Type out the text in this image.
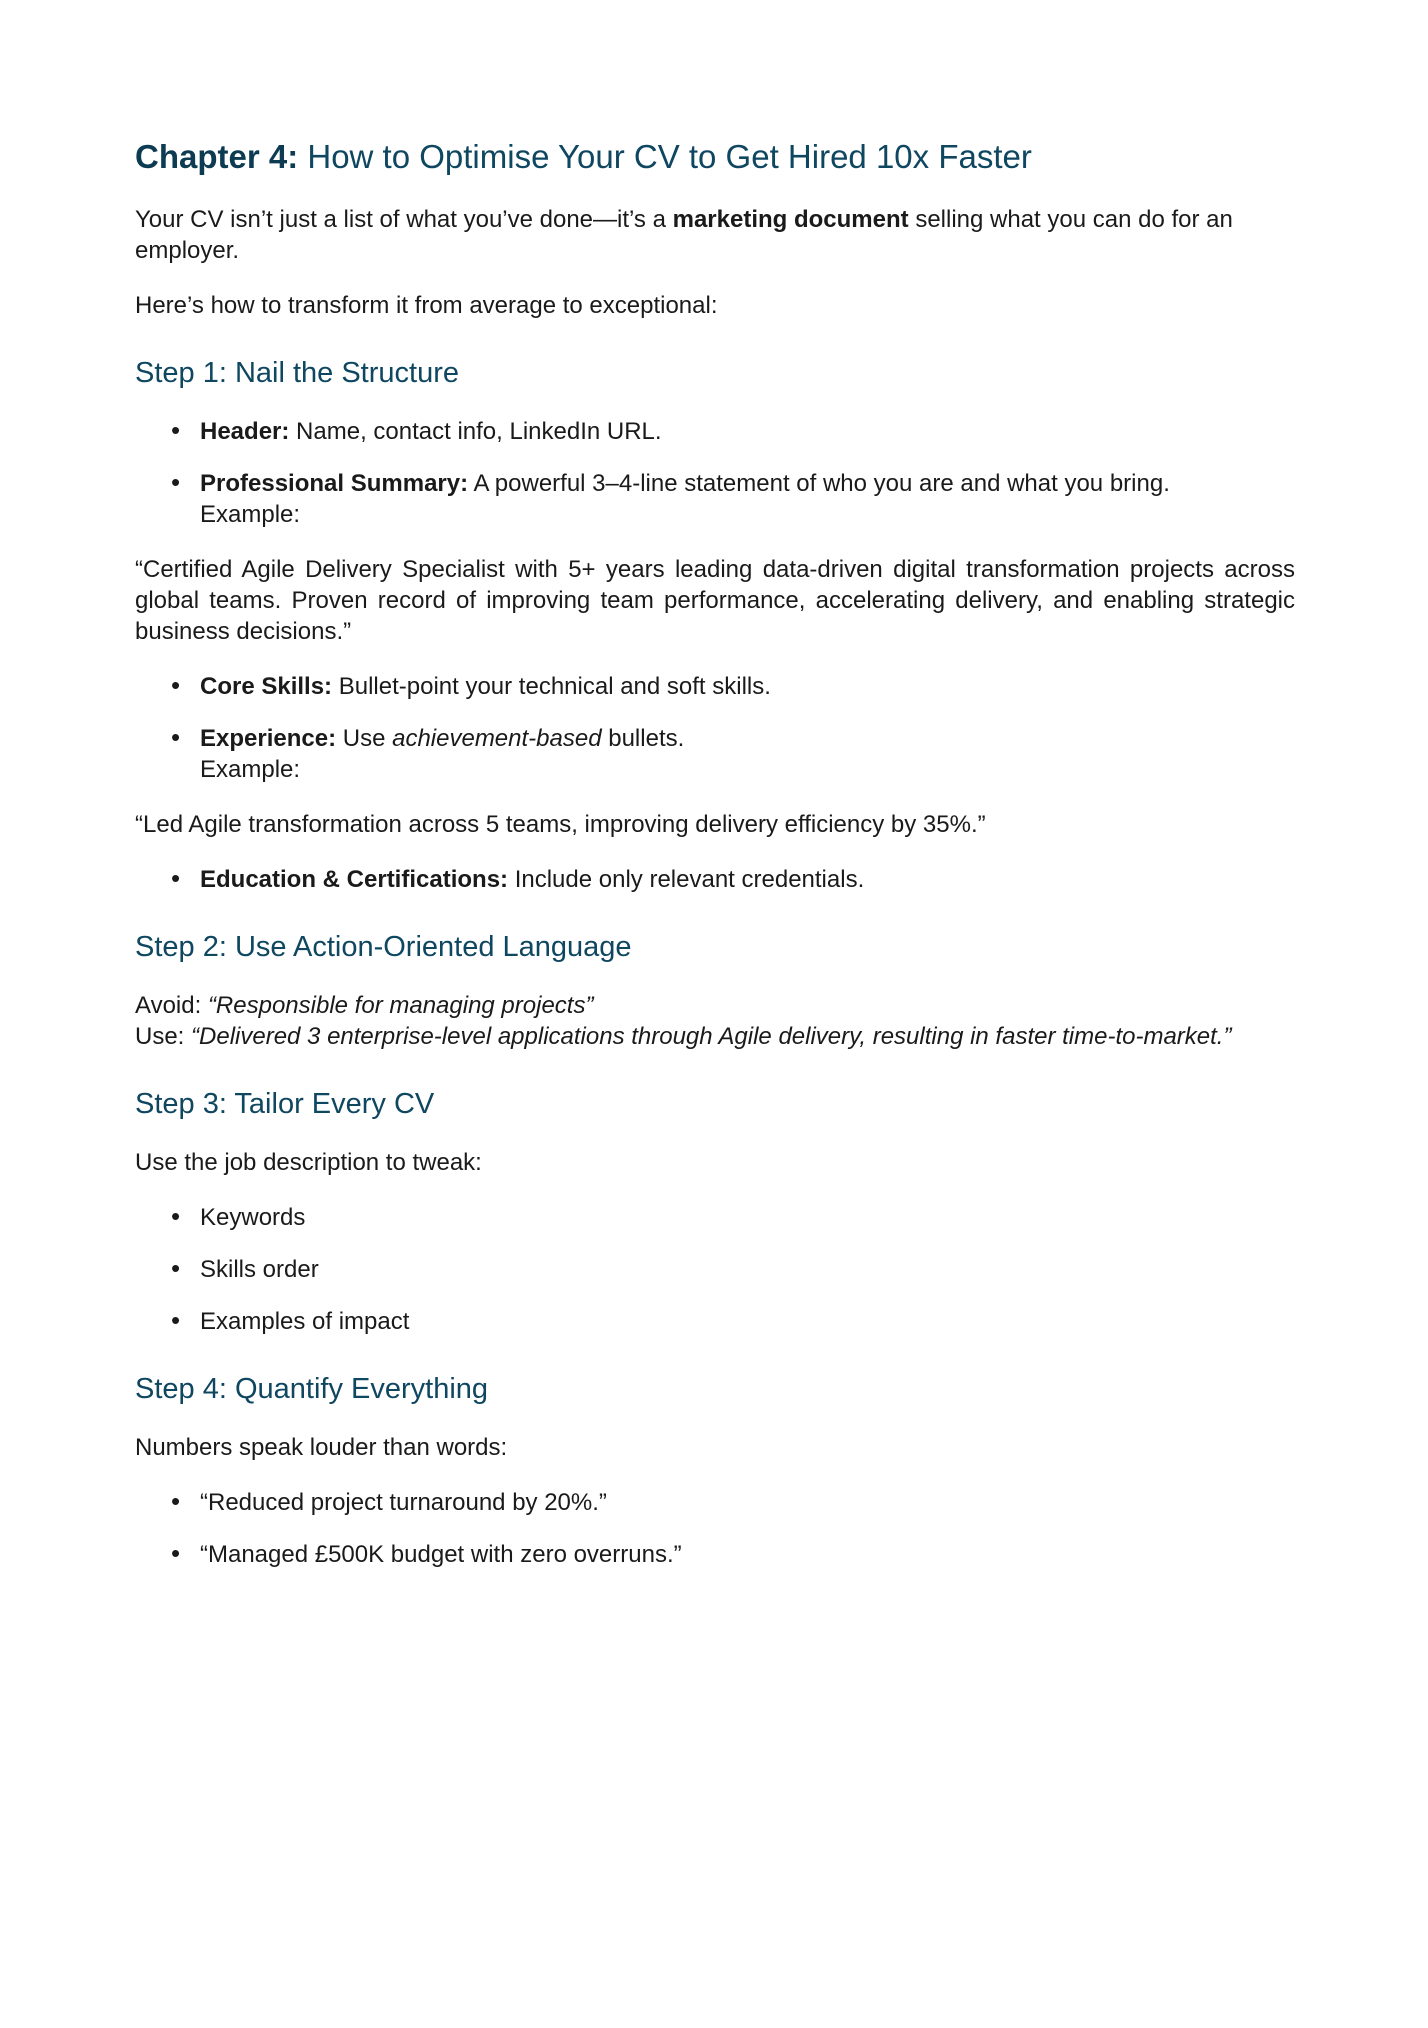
Chapter 4: How to Optimise Your CV to Get Hired 10x Faster

Your CV isn’t just a list of what you’ve done—it’s a marketing document selling what you can do for an employer.

Here’s how to transform it from average to exceptional:

Step 1: Nail the Structure
• Header: Name, contact info, LinkedIn URL.
• Professional Summary: A powerful 3–4-line statement of who you are and what you bring.
Example:

“Certified Agile Delivery Specialist with 5+ years leading data-driven digital transformation projects across global teams. Proven record of improving team performance, accelerating delivery, and enabling strategic business decisions.”

• Core Skills: Bullet-point your technical and soft skills.
• Experience: Use achievement-based bullets.
Example:

“Led Agile transformation across 5 teams, improving delivery efficiency by 35%.”

• Education & Certifications: Include only relevant credentials.
Step 2: Use Action-Oriented Language

Avoid: “Responsible for managing projects”
Use: “Delivered 3 enterprise-level applications through Agile delivery, resulting in faster time-to-market.”

Step 3: Tailor Every CV

Use the job description to tweak:

• Keywords
• Skills order
• Examples of impact
Step 4: Quantify Everything

Numbers speak louder than words:

• “Reduced project turnaround by 20%.”
• “Managed £500K budget with zero overruns.”
